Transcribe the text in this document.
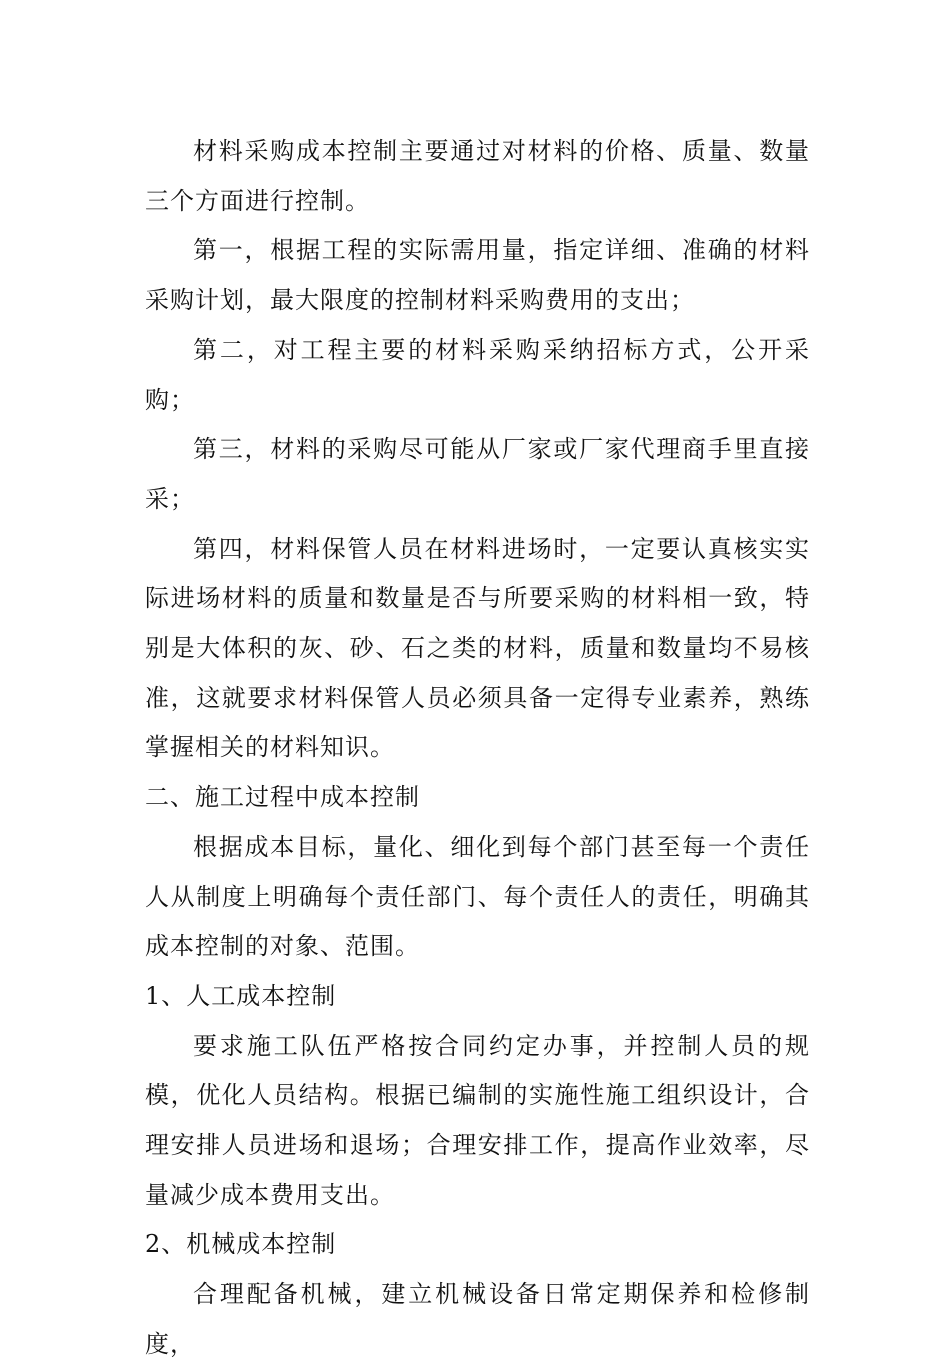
材料采购成本控制主要通过对材料的价格、质量、数量三个方面进行控制。

第一，根据工程的实际需用量，指定详细、准确的材料采购计划，最大限度的控制材料采购费用的支出；

第二，对工程主要的材料采购采纳招标方式，公开采购；

第三，材料的采购尽可能从厂家或厂家代理商手里直接采；

第四，材料保管人员在材料进场时，一定要认真核实实际进场材料的质量和数量是否与所要采购的材料相一致，特别是大体积的灰、砂、石之类的材料，质量和数量均不易核准，这就要求材料保管人员必须具备一定得专业素养，熟练掌握相关的材料知识。

二、施工过程中成本控制

根据成本目标，量化、细化到每个部门甚至每一个责任人从制度上明确每个责任部门、每个责任人的责任，明确其成本控制的对象、范围。

1、人工成本控制

要求施工队伍严格按合同约定办事，并控制人员的规模，优化人员结构。根据已编制的实施性施工组织设计，合理安排人员进场和退场；合理安排工作，提高作业效率，尽量减少成本费用支出。

2、机械成本控制

合理配备机械，建立机械设备日常定期保养和检修制度，
